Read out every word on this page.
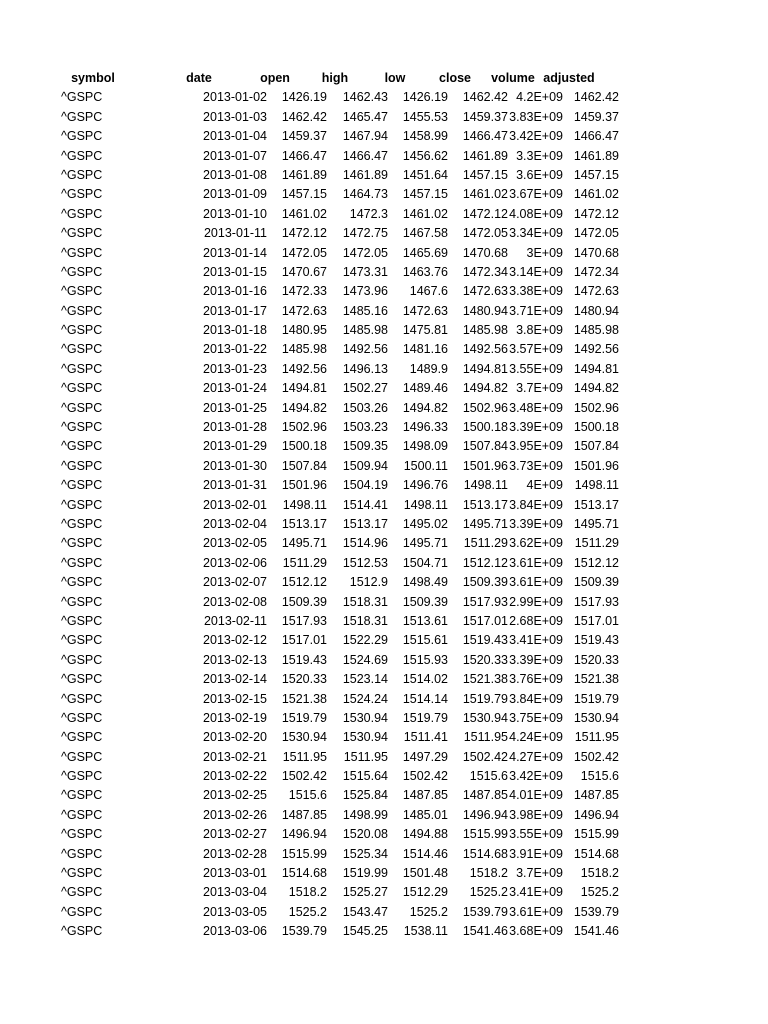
symbol	date	open	high	low	close	volume adjusted
^GSPC	2013-01-02	1426.19	1462.43	1426.19	1462.42 4.2E+09 1462.42
^GSPC	2013-01-03	1462.42	1465.47	1455.53	1459.37 3.83E+09 1459.37
^GSPC	2013-01-04	1459.37	1467.94	1458.99	1466.47 3.42E+09 1466.47
^GSPC	2013-01-07	1466.47	1466.47	1456.62	1461.89 3.3E+09 1461.89
^GSPC	2013-01-08	1461.89	1461.89	1451.64	1457.15 3.6E+09 1457.15
^GSPC	2013-01-09	1457.15	1464.73	1457.15	1461.02 3.67E+09 1461.02
^GSPC	2013-01-10	1461.02	1472.3	1461.02	1472.12 4.08E+09 1472.12
^GSPC	2013-01-11	1472.12	1472.75	1467.58	1472.05 3.34E+09 1472.05
^GSPC	2013-01-14	1472.05	1472.05	1465.69	1470.68	3E+09 1470.68
^GSPC	2013-01-15	1470.67	1473.31	1463.76	1472.34 3.14E+09 1472.34
^GSPC	2013-01-16	1472.33	1473.96	1467.6	1472.63 3.38E+09 1472.63
^GSPC	2013-01-17	1472.63	1485.16	1472.63	1480.94 3.71E+09 1480.94
^GSPC	2013-01-18	1480.95	1485.98	1475.81	1485.98 3.8E+09 1485.98
^GSPC	2013-01-22	1485.98	1492.56	1481.16	1492.56 3.57E+09 1492.56
^GSPC	2013-01-23	1492.56	1496.13	1489.9	1494.81 3.55E+09 1494.81
^GSPC	2013-01-24	1494.81	1502.27	1489.46	1494.82 3.7E+09 1494.82
^GSPC	2013-01-25	1494.82	1503.26	1494.82	1502.96 3.48E+09 1502.96
^GSPC	2013-01-28	1502.96	1503.23	1496.33	1500.18 3.39E+09 1500.18
^GSPC	2013-01-29	1500.18	1509.35	1498.09	1507.84 3.95E+09 1507.84
^GSPC	2013-01-30	1507.84	1509.94	1500.11	1501.96 3.73E+09 1501.96
^GSPC	2013-01-31	1501.96	1504.19	1496.76	1498.11	4E+09 1498.11
^GSPC	2013-02-01	1498.11	1514.41	1498.11	1513.17 3.84E+09 1513.17
^GSPC	2013-02-04	1513.17	1513.17	1495.02	1495.71 3.39E+09 1495.71
^GSPC	2013-02-05	1495.71	1514.96	1495.71	1511.29 3.62E+09 1511.29
^GSPC	2013-02-06	1511.29	1512.53	1504.71	1512.12 3.61E+09 1512.12
^GSPC	2013-02-07	1512.12	1512.9	1498.49	1509.39 3.61E+09 1509.39
^GSPC	2013-02-08	1509.39	1518.31	1509.39	1517.93 2.99E+09 1517.93
^GSPC	2013-02-11	1517.93	1518.31	1513.61	1517.01 2.68E+09 1517.01
^GSPC	2013-02-12	1517.01	1522.29	1515.61	1519.43 3.41E+09 1519.43
^GSPC	2013-02-13	1519.43	1524.69	1515.93	1520.33 3.39E+09 1520.33
^GSPC	2013-02-14	1520.33	1523.14	1514.02	1521.38 3.76E+09 1521.38
^GSPC	2013-02-15	1521.38	1524.24	1514.14	1519.79 3.84E+09 1519.79
^GSPC	2013-02-19	1519.79	1530.94	1519.79	1530.94 3.75E+09 1530.94
^GSPC	2013-02-20	1530.94	1530.94	1511.41	1511.95 4.24E+09 1511.95
^GSPC	2013-02-21	1511.95	1511.95	1497.29	1502.42 4.27E+09 1502.42
^GSPC	2013-02-22	1502.42	1515.64	1502.42	1515.6 3.42E+09	1515.6
^GSPC	2013-02-25	1515.6	1525.84	1487.85	1487.85 4.01E+09 1487.85
^GSPC	2013-02-26	1487.85	1498.99	1485.01	1496.94 3.98E+09 1496.94
^GSPC	2013-02-27	1496.94	1520.08	1494.88	1515.99 3.55E+09 1515.99
^GSPC	2013-02-28	1515.99	1525.34	1514.46	1514.68 3.91E+09 1514.68
^GSPC	2013-03-01	1514.68	1519.99	1501.48	1518.2 3.7E+09	1518.2
^GSPC	2013-03-04	1518.2	1525.27	1512.29	1525.2 3.41E+09	1525.2
^GSPC	2013-03-05	1525.2	1543.47	1525.2	1539.79 3.61E+09 1539.79
^GSPC	2013-03-06	1539.79	1545.25	1538.11	1541.46 3.68E+09 1541.46
